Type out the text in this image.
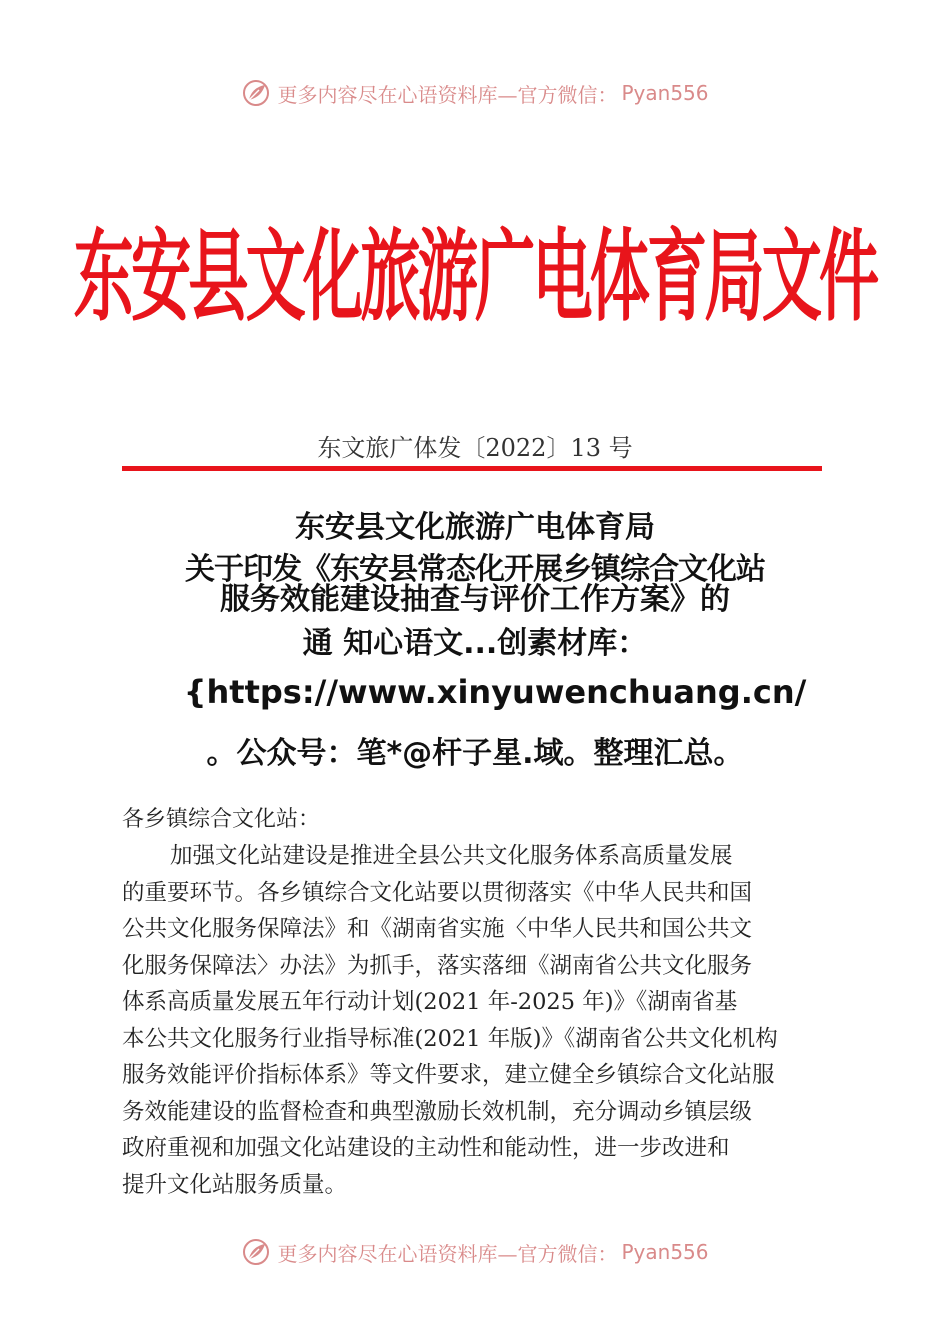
更多内容尽在心语资料库—官方微信： Pyan556
东安县文化旅游广电体育局文件
东文旅广体发〔2022〕13 号
东安县文化旅游广电体育局
关于印发《东安县常态化开展乡镇综合文化站
服务效能建设抽查与评价工作方案》的
通 知心语文...创素材库：
{https://www.xinyuwenchuang.cn/
。公众号：笔*@杆子星.域。整理汇总。
各乡镇综合文化站：
加强文化站建设是推进全县公共文化服务体系高质量发展
的重要环节。各乡镇综合文化站要以贯彻落实《中华人民共和国
公共文化服务保障法》和《湖南省实施〈中华人民共和国公共文
化服务保障法〉办法》为抓手，落实落细《湖南省公共文化服务
体系高质量发展五年行动计划(2021 年-2025 年)》《湖南省基
本公共文化服务行业指导标准(2021 年版)》《湖南省公共文化机构
服务效能评价指标体系》等文件要求，建立健全乡镇综合文化站服
务效能建设的监督检查和典型激励长效机制，充分调动乡镇层级
政府重视和加强文化站建设的主动性和能动性，进一步改进和
提升文化站服务质量。
更多内容尽在心语资料库—官方微信： Pyan556
